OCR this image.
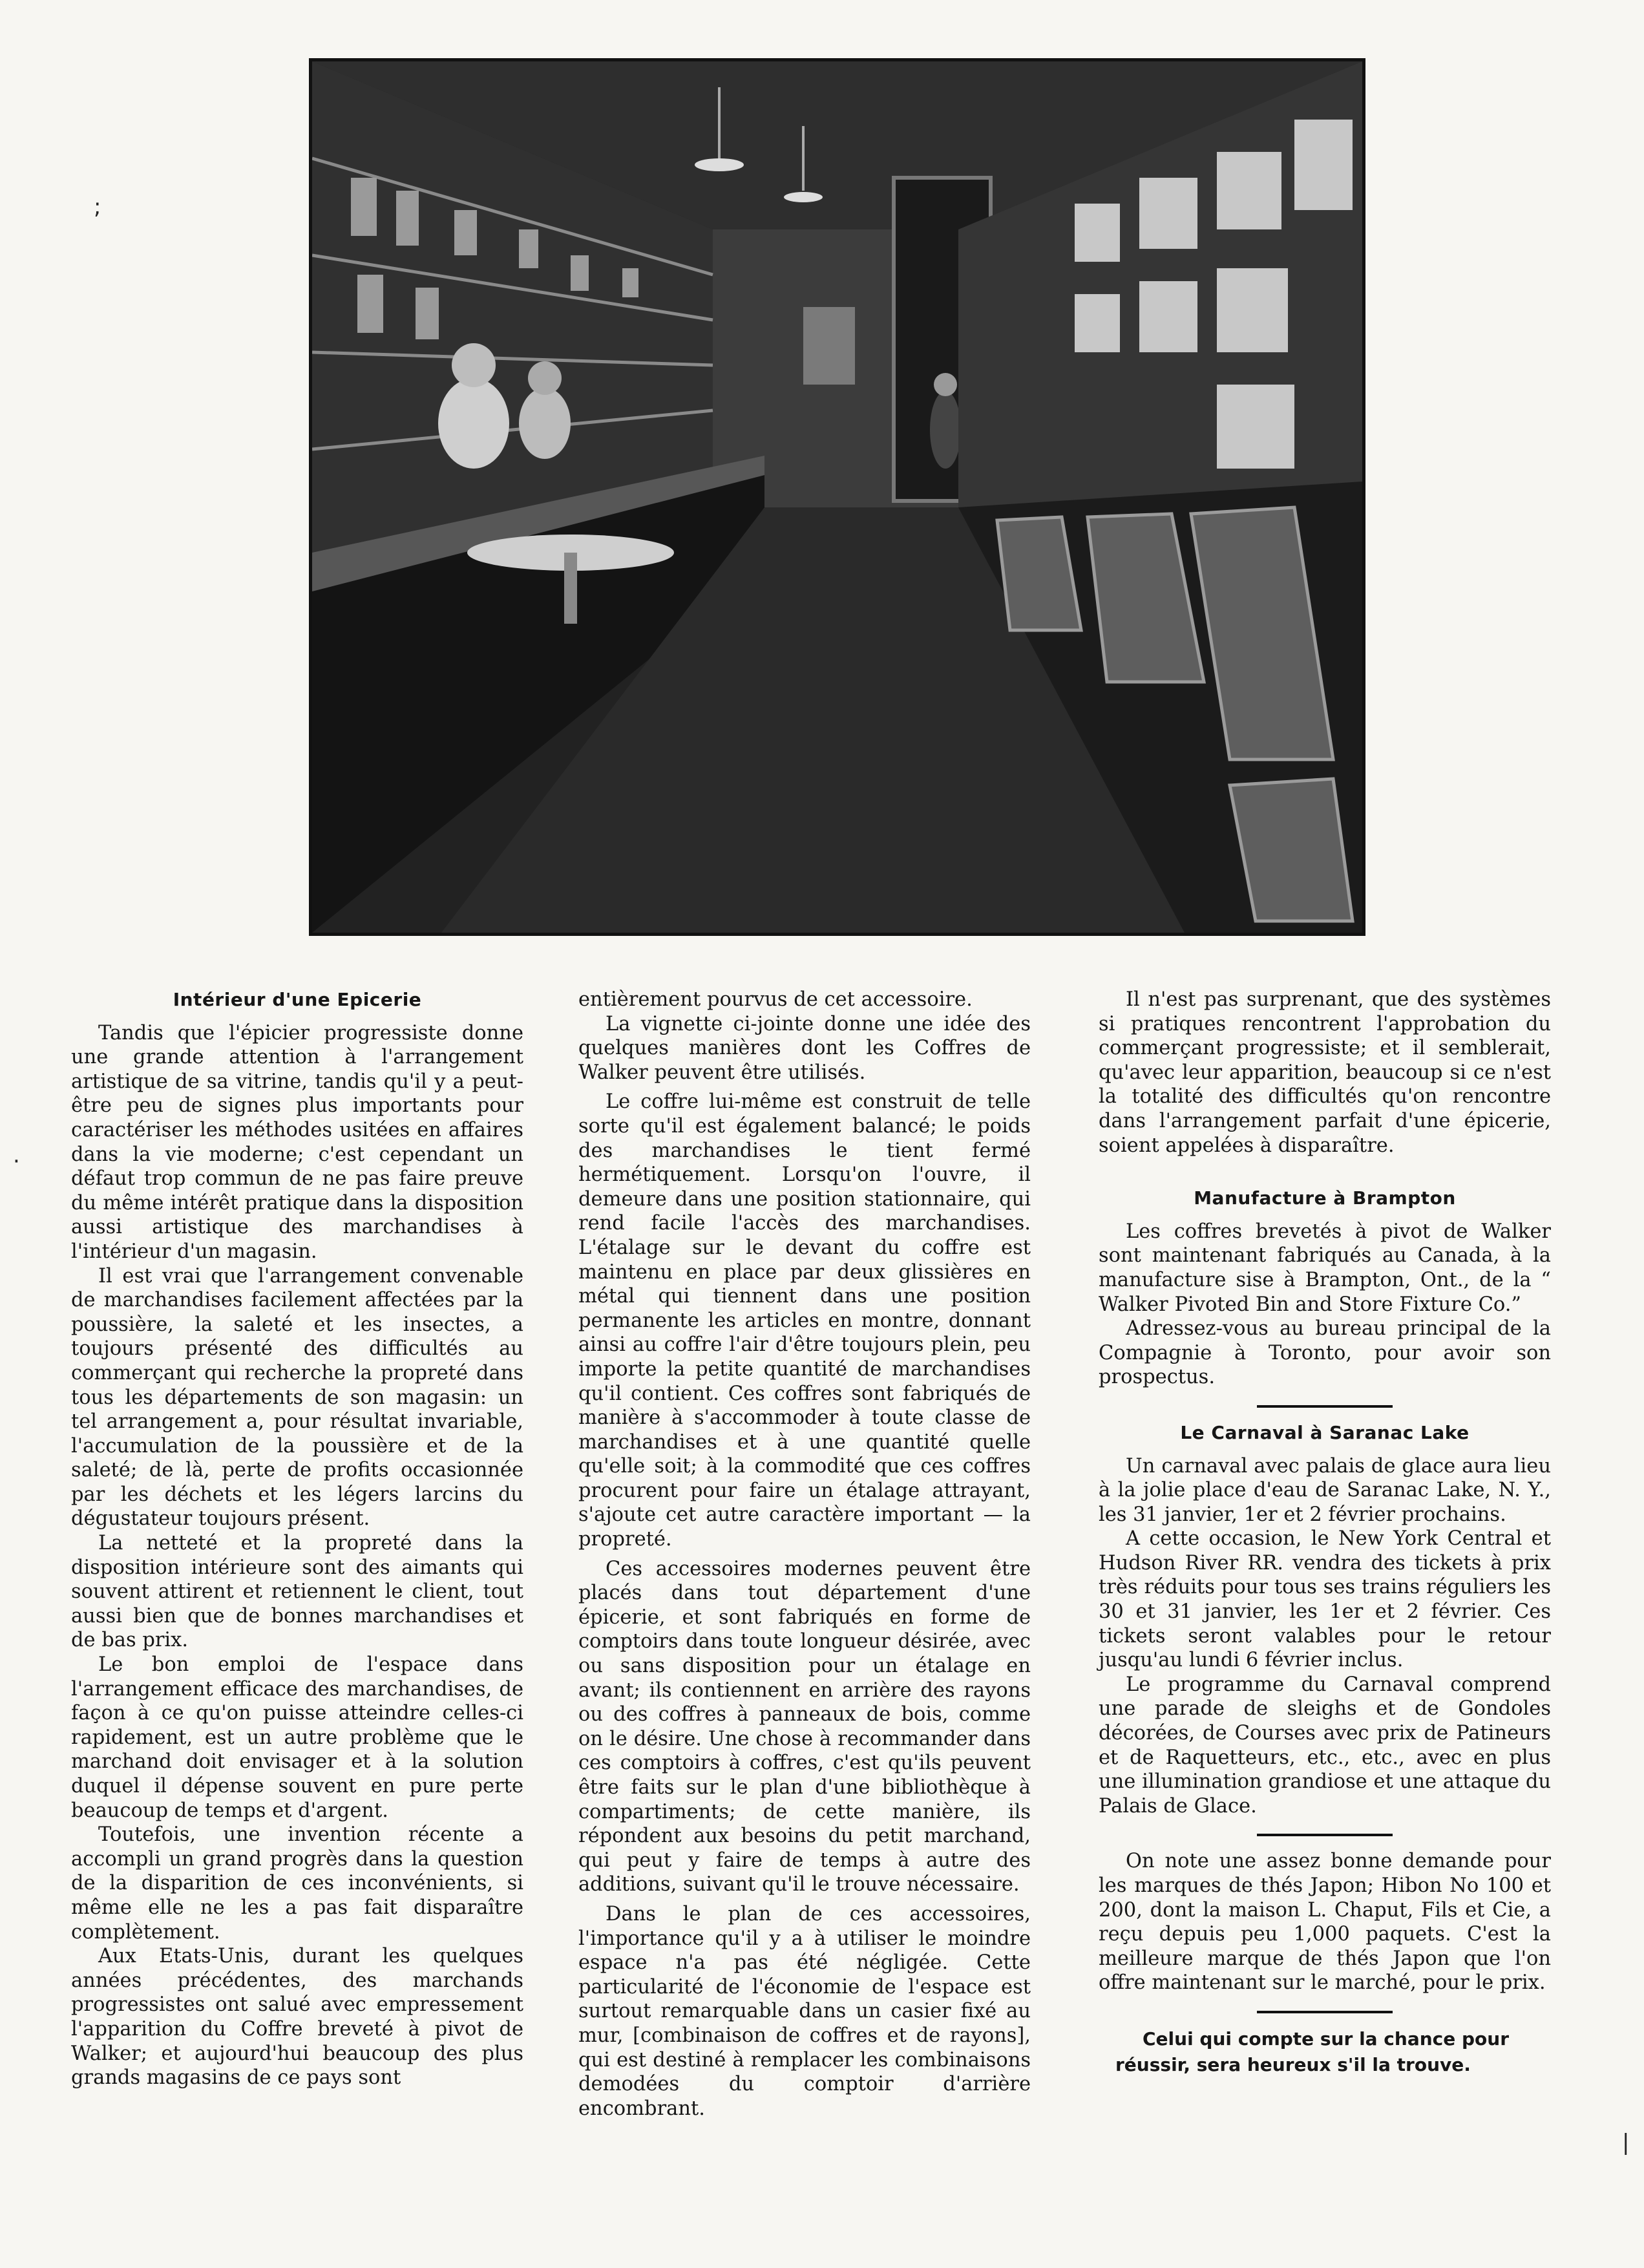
;
·
|
Intérieur d'une Epicerie

Tandis que l'épicier progressiste donne une grande attention à l'arrangement artistique de sa vitrine, tandis qu'il y a peut-être peu de signes plus importants pour caractériser les méthodes usitées en affaires dans la vie moderne; c'est cependant un défaut trop commun de ne pas faire preuve du même intérêt pratique dans la disposition aussi artistique des marchandises à l'intérieur d'un magasin.

Il est vrai que l'arrangement convenable de marchandises facilement affectées par la poussière, la saleté et les insectes, a toujours présenté des difficultés au commerçant qui recherche la propreté dans tous les départements de son magasin: un tel arrangement a, pour résultat invariable, l'accumulation de la poussière et de la saleté; de là, perte de profits occasionnée par les déchets et les légers larcins du dégustateur toujours présent.

La netteté et la propreté dans la disposition intérieure sont des aimants qui souvent attirent et retiennent le client, tout aussi bien que de bonnes marchandises et de bas prix.

Le bon emploi de l'espace dans l'arrangement efficace des marchandises, de façon à ce qu'on puisse atteindre celles-ci rapidement, est un autre problème que le marchand doit envisager et à la solution duquel il dépense souvent en pure perte beaucoup de temps et d'argent.

Toutefois, une invention récente a accompli un grand progrès dans la question de la disparition de ces inconvénients, si même elle ne les a pas fait disparaître complètement.

Aux Etats-Unis, durant les quelques années précédentes, des marchands progressistes ont salué avec empressement l'apparition du Coffre breveté à pivot de Walker; et aujourd'hui beaucoup des plus grands magasins de ce pays sont

entièrement pourvus de cet accessoire.

La vignette ci-jointe donne une idée des quelques manières dont les Coffres de Walker peuvent être utilisés.

Le coffre lui-même est construit de telle sorte qu'il est également balancé; le poids des marchandises le tient fermé hermétiquement. Lorsqu'on l'ouvre, il demeure dans une position stationnaire, qui rend facile l'accès des marchandises. L'étalage sur le devant du coffre est maintenu en place par deux glissières en métal qui tiennent dans une position permanente les articles en montre, donnant ainsi au coffre l'air d'être toujours plein, peu importe la petite quantité de marchandises qu'il contient. Ces coffres sont fabriqués de manière à s'accommoder à toute classe de marchandises et à une quantité quelle qu'elle soit; à la commodité que ces coffres procurent pour faire un étalage attrayant, s'ajoute cet autre caractère important — la propreté.

Ces accessoires modernes peuvent être placés dans tout département d'une épicerie, et sont fabriqués en forme de comptoirs dans toute longueur désirée, avec ou sans disposition pour un étalage en avant; ils contiennent en arrière des rayons ou des coffres à panneaux de bois, comme on le désire. Une chose à recommander dans ces comptoirs à coffres, c'est qu'ils peuvent être faits sur le plan d'une bibliothèque à compartiments; de cette manière, ils répondent aux besoins du petit marchand, qui peut y faire de temps à autre des additions, suivant qu'il le trouve nécessaire.

Dans le plan de ces accessoires, l'importance qu'il y a à utiliser le moindre espace n'a pas été négligée. Cette particularité de l'économie de l'espace est surtout remarquable dans un casier fixé au mur, [combinaison de coffres et de rayons], qui est destiné à remplacer les combinaisons demodées du comptoir d'arrière encombrant.

Il n'est pas surprenant, que des systèmes si pratiques rencontrent l'approbation du commerçant progressiste; et il semblerait, qu'avec leur apparition, beaucoup si ce n'est la totalité des difficultés qu'on rencontre dans l'arrangement parfait d'une épicerie, soient appelées à disparaître.

Manufacture à Brampton

Les coffres brevetés à pivot de Walker sont maintenant fabriqués au Canada, à la manufacture sise à Brampton, Ont., de la “ Walker Pivoted Bin and Store Fixture Co.”

Adressez-vous au bureau principal de la Compagnie à Toronto, pour avoir son prospectus.

Le Carnaval à Saranac Lake

Un carnaval avec palais de glace aura lieu à la jolie place d'eau de Saranac Lake, N. Y., les 31 janvier, 1er et 2 février prochains.

A cette occasion, le New York Central et Hudson River RR. vendra des tickets à prix très réduits pour tous ses trains réguliers les 30 et 31 janvier, les 1er et 2 février. Ces tickets seront valables pour le retour jusqu'au lundi 6 février inclus.

Le programme du Carnaval comprend une parade de sleighs et de Gondoles décorées, de Courses avec prix de Patineurs et de Raquetteurs, etc., etc., avec en plus une illumination grandiose et une attaque du Palais de Glace.

On note une assez bonne demande pour les marques de thés Japon; Hibon No 100 et 200, dont la maison L. Chaput, Fils et Cie, a reçu depuis peu 1,000 paquets. C'est la meilleure marque de thés Japon que l'on offre maintenant sur le marché, pour le prix.

Celui qui compte sur la chance pour réussir, sera heureux s'il la trouve.
